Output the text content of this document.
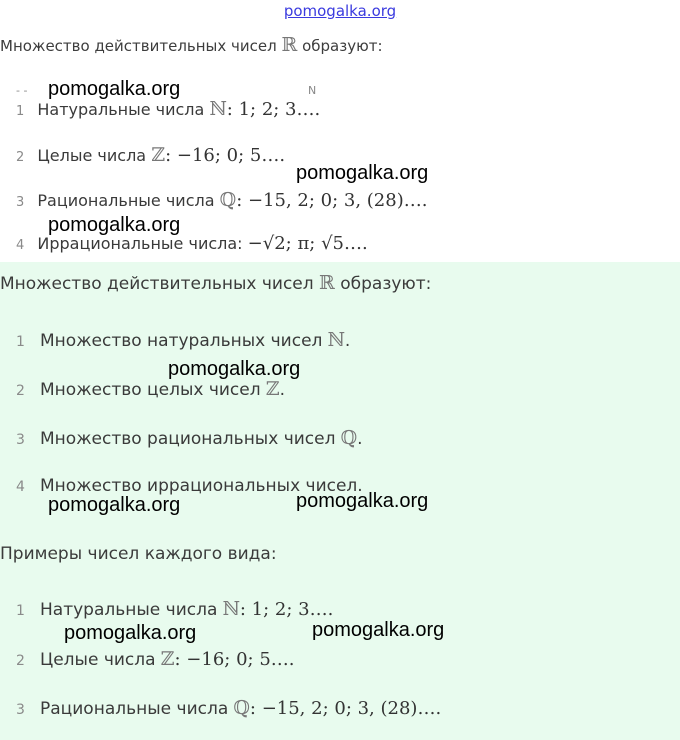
pomogalka.org
Множество действительных чисел ℝ образуют:
- -	N
1 Натуральные числа ℕ: 1; 2; 3….
2 Целые числа ℤ: −16; 0; 5….
3 Рациональные числа ℚ: −15, 2; 0; 3, (28)….
4 Иррациональные числа: −√2; π; √5….
Множество действительных чисел ℝ образуют:
1 Множество натуральных чисел ℕ.
2 Множество целых чисел ℤ.
3 Множество рациональных чисел ℚ.
4 Множество иррациональных чисел.
Примеры чисел каждого вида:
1 Натуральные числа ℕ: 1; 2; 3….
2 Целые числа ℤ: −16; 0; 5….
3 Рациональные числа ℚ: −15, 2; 0; 3, (28)….
pomogalka.org
pomogalka.org
pomogalka.org
pomogalka.org
pomogalka.org	pomogalka.org
pomogalka.org	pomogalka.org
